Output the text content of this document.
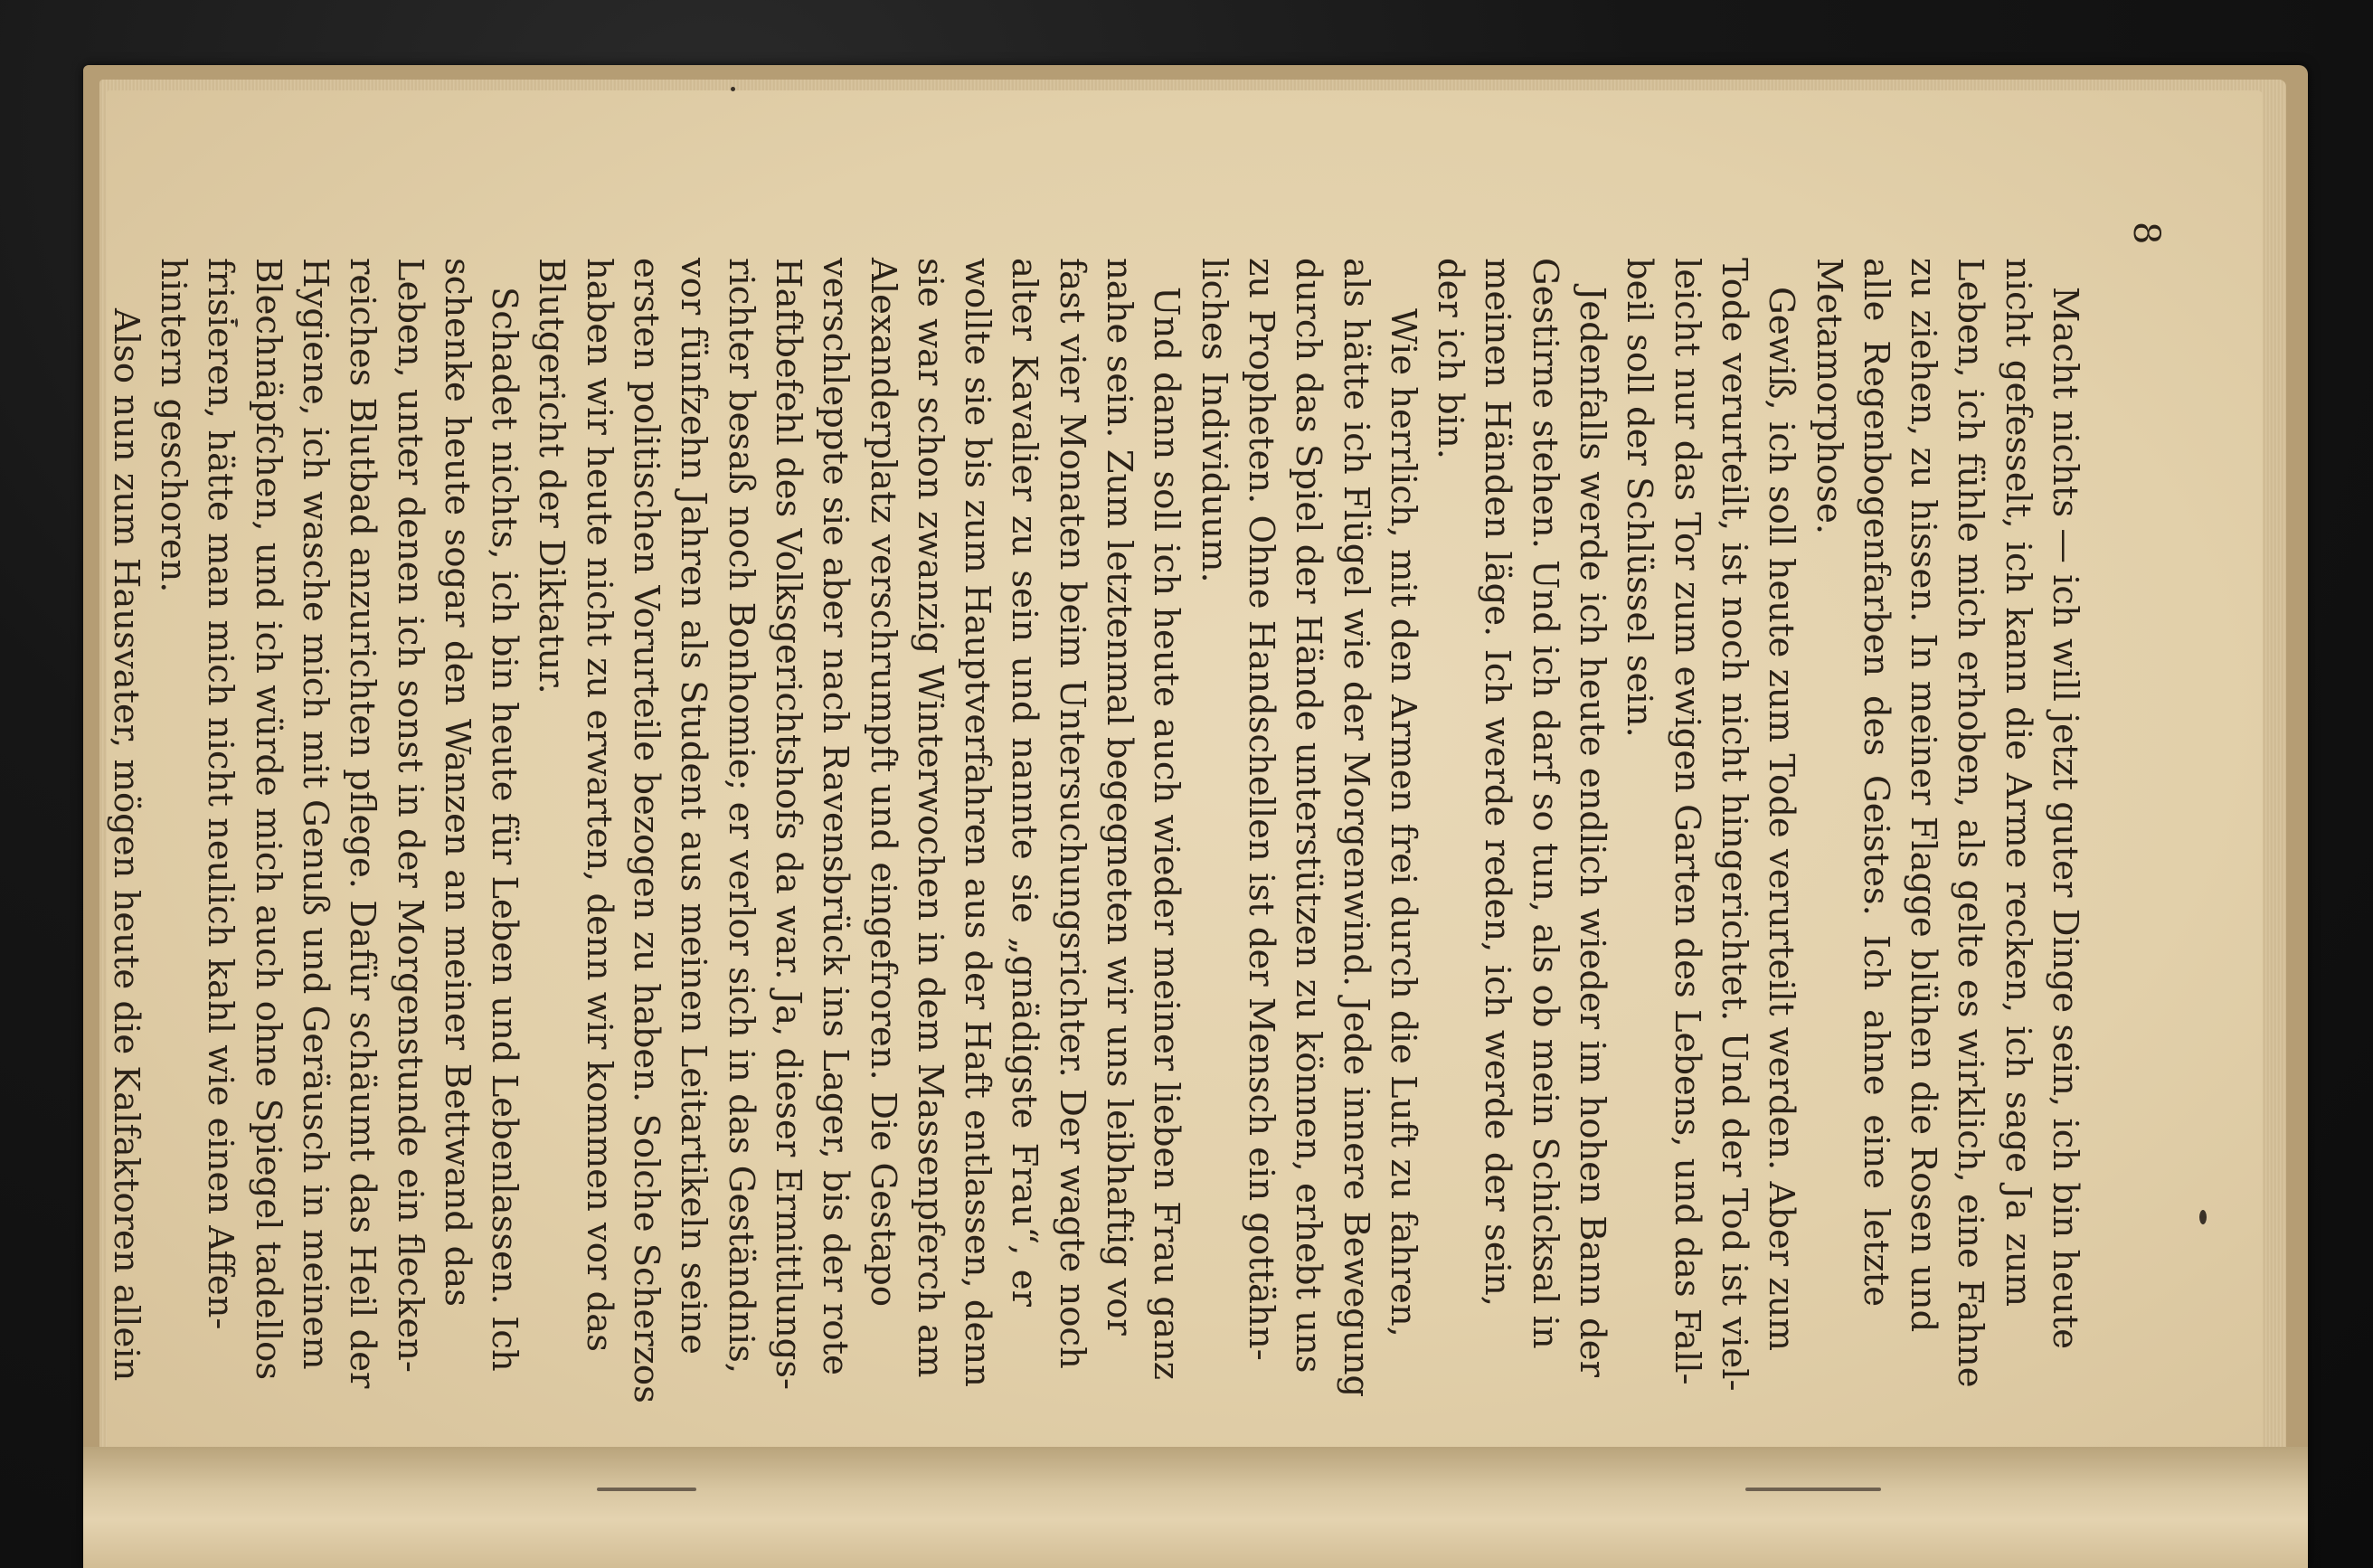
8
Macht nichts — ich will jetzt guter Dinge sein, ich bin heute
nicht gefesselt, ich kann die Arme recken, ich sage Ja zum
Leben, ich fühle mich erhoben, als gelte es wirklich, eine Fahne
zu ziehen, zu hissen. In meiner Flagge blühen die Rosen und
alle Regenbogenfarben des Geistes. Ich ahne eine letzte
Metamorphose.
Gewiß, ich soll heute zum Tode verurteilt werden. Aber zum
Tode verurteilt, ist noch nicht hingerichtet. Und der Tod ist viel-
leicht nur das Tor zum ewigen Garten des Lebens, und das Fall-
beil soll der Schlüssel sein.
Jedenfalls werde ich heute endlich wieder im hohen Bann der
Gestirne stehen. Und ich darf so tun, als ob mein Schicksal in
meinen Händen läge. Ich werde reden, ich werde der sein,
der ich bin.
Wie herrlich, mit den Armen frei durch die Luft zu fahren,
als hätte ich Flügel wie der Morgenwind. Jede innere Bewegung
durch das Spiel der Hände unterstützen zu können, erhebt uns
zu Propheten. Ohne Handschellen ist der Mensch ein gottähn-
liches Individuum.
Und dann soll ich heute auch wieder meiner lieben Frau ganz
nahe sein. Zum letztenmal begegneten wir uns leibhaftig vor
fast vier Monaten beim Untersuchungsrichter. Der wagte noch
alter Kavalier zu sein und nannte sie „gnädigste Frau“, er
wollte sie bis zum Hauptverfahren aus der Haft entlassen, denn
sie war schon zwanzig Winterwochen in dem Massenpferch am
Alexanderplatz verschrumpft und eingefroren. Die Gestapo
verschleppte sie aber nach Ravensbrück ins Lager, bis der rote
Haftbefehl des Volksgerichtshofs da war. Ja, dieser Ermittlungs-
richter besaß noch Bonhomie; er verlor sich in das Geständnis,
vor fünfzehn Jahren als Student aus meinen Leitartikeln seine
ersten politischen Vorurteile bezogen zu haben. Solche Scherzos
haben wir heute nicht zu erwarten, denn wir kommen vor das
Blutgericht der Diktatur.
Schadet nichts, ich bin heute für Leben und Lebenlassen. Ich
schenke heute sogar den Wanzen an meiner Bettwand das
Leben, unter denen ich sonst in der Morgenstunde ein flecken-
reiches Blutbad anzurichten pflege. Dafür schäumt das Heil der
Hygiene, ich wasche mich mit Genuß und Geräusch in meinem
Blechnäpfchen, und ich würde mich auch ohne Spiegel tadellos
frisieren, hätte man mich nicht neulich kahl wie einen Affen-
hintern geschoren.
Also nun zum Hausvater, mögen heute die Kalfaktoren allein
